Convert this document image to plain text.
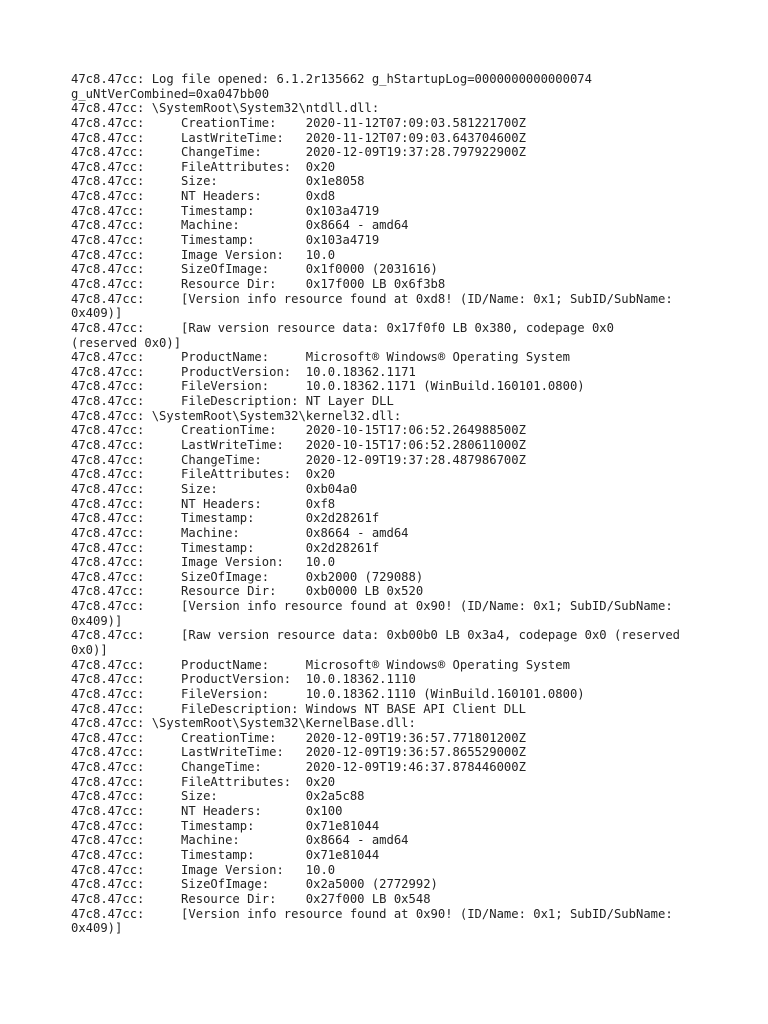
47c8.47cc: Log file opened: 6.1.2r135662 g_hStartupLog=0000000000000074
g_uNtVerCombined=0xa047bb00
47c8.47cc: \SystemRoot\System32\ntdll.dll:
47c8.47cc:     CreationTime:    2020-11-12T07:09:03.581221700Z
47c8.47cc:     LastWriteTime:   2020-11-12T07:09:03.643704600Z
47c8.47cc:     ChangeTime:      2020-12-09T19:37:28.797922900Z
47c8.47cc:     FileAttributes:  0x20
47c8.47cc:     Size:            0x1e8058
47c8.47cc:     NT Headers:      0xd8
47c8.47cc:     Timestamp:       0x103a4719
47c8.47cc:     Machine:         0x8664 - amd64
47c8.47cc:     Timestamp:       0x103a4719
47c8.47cc:     Image Version:   10.0
47c8.47cc:     SizeOfImage:     0x1f0000 (2031616)
47c8.47cc:     Resource Dir:    0x17f000 LB 0x6f3b8
47c8.47cc:     [Version info resource found at 0xd8! (ID/Name: 0x1; SubID/SubName:
0x409)]
47c8.47cc:     [Raw version resource data: 0x17f0f0 LB 0x380, codepage 0x0
(reserved 0x0)]
47c8.47cc:     ProductName:     Microsoft® Windows® Operating System
47c8.47cc:     ProductVersion:  10.0.18362.1171
47c8.47cc:     FileVersion:     10.0.18362.1171 (WinBuild.160101.0800)
47c8.47cc:     FileDescription: NT Layer DLL
47c8.47cc: \SystemRoot\System32\kernel32.dll:
47c8.47cc:     CreationTime:    2020-10-15T17:06:52.264988500Z
47c8.47cc:     LastWriteTime:   2020-10-15T17:06:52.280611000Z
47c8.47cc:     ChangeTime:      2020-12-09T19:37:28.487986700Z
47c8.47cc:     FileAttributes:  0x20
47c8.47cc:     Size:            0xb04a0
47c8.47cc:     NT Headers:      0xf8
47c8.47cc:     Timestamp:       0x2d28261f
47c8.47cc:     Machine:         0x8664 - amd64
47c8.47cc:     Timestamp:       0x2d28261f
47c8.47cc:     Image Version:   10.0
47c8.47cc:     SizeOfImage:     0xb2000 (729088)
47c8.47cc:     Resource Dir:    0xb0000 LB 0x520
47c8.47cc:     [Version info resource found at 0x90! (ID/Name: 0x1; SubID/SubName:
0x409)]
47c8.47cc:     [Raw version resource data: 0xb00b0 LB 0x3a4, codepage 0x0 (reserved
0x0)]
47c8.47cc:     ProductName:     Microsoft® Windows® Operating System
47c8.47cc:     ProductVersion:  10.0.18362.1110
47c8.47cc:     FileVersion:     10.0.18362.1110 (WinBuild.160101.0800)
47c8.47cc:     FileDescription: Windows NT BASE API Client DLL
47c8.47cc: \SystemRoot\System32\KernelBase.dll:
47c8.47cc:     CreationTime:    2020-12-09T19:36:57.771801200Z
47c8.47cc:     LastWriteTime:   2020-12-09T19:36:57.865529000Z
47c8.47cc:     ChangeTime:      2020-12-09T19:46:37.878446000Z
47c8.47cc:     FileAttributes:  0x20
47c8.47cc:     Size:            0x2a5c88
47c8.47cc:     NT Headers:      0x100
47c8.47cc:     Timestamp:       0x71e81044
47c8.47cc:     Machine:         0x8664 - amd64
47c8.47cc:     Timestamp:       0x71e81044
47c8.47cc:     Image Version:   10.0
47c8.47cc:     SizeOfImage:     0x2a5000 (2772992)
47c8.47cc:     Resource Dir:    0x27f000 LB 0x548
47c8.47cc:     [Version info resource found at 0x90! (ID/Name: 0x1; SubID/SubName:
0x409)]
